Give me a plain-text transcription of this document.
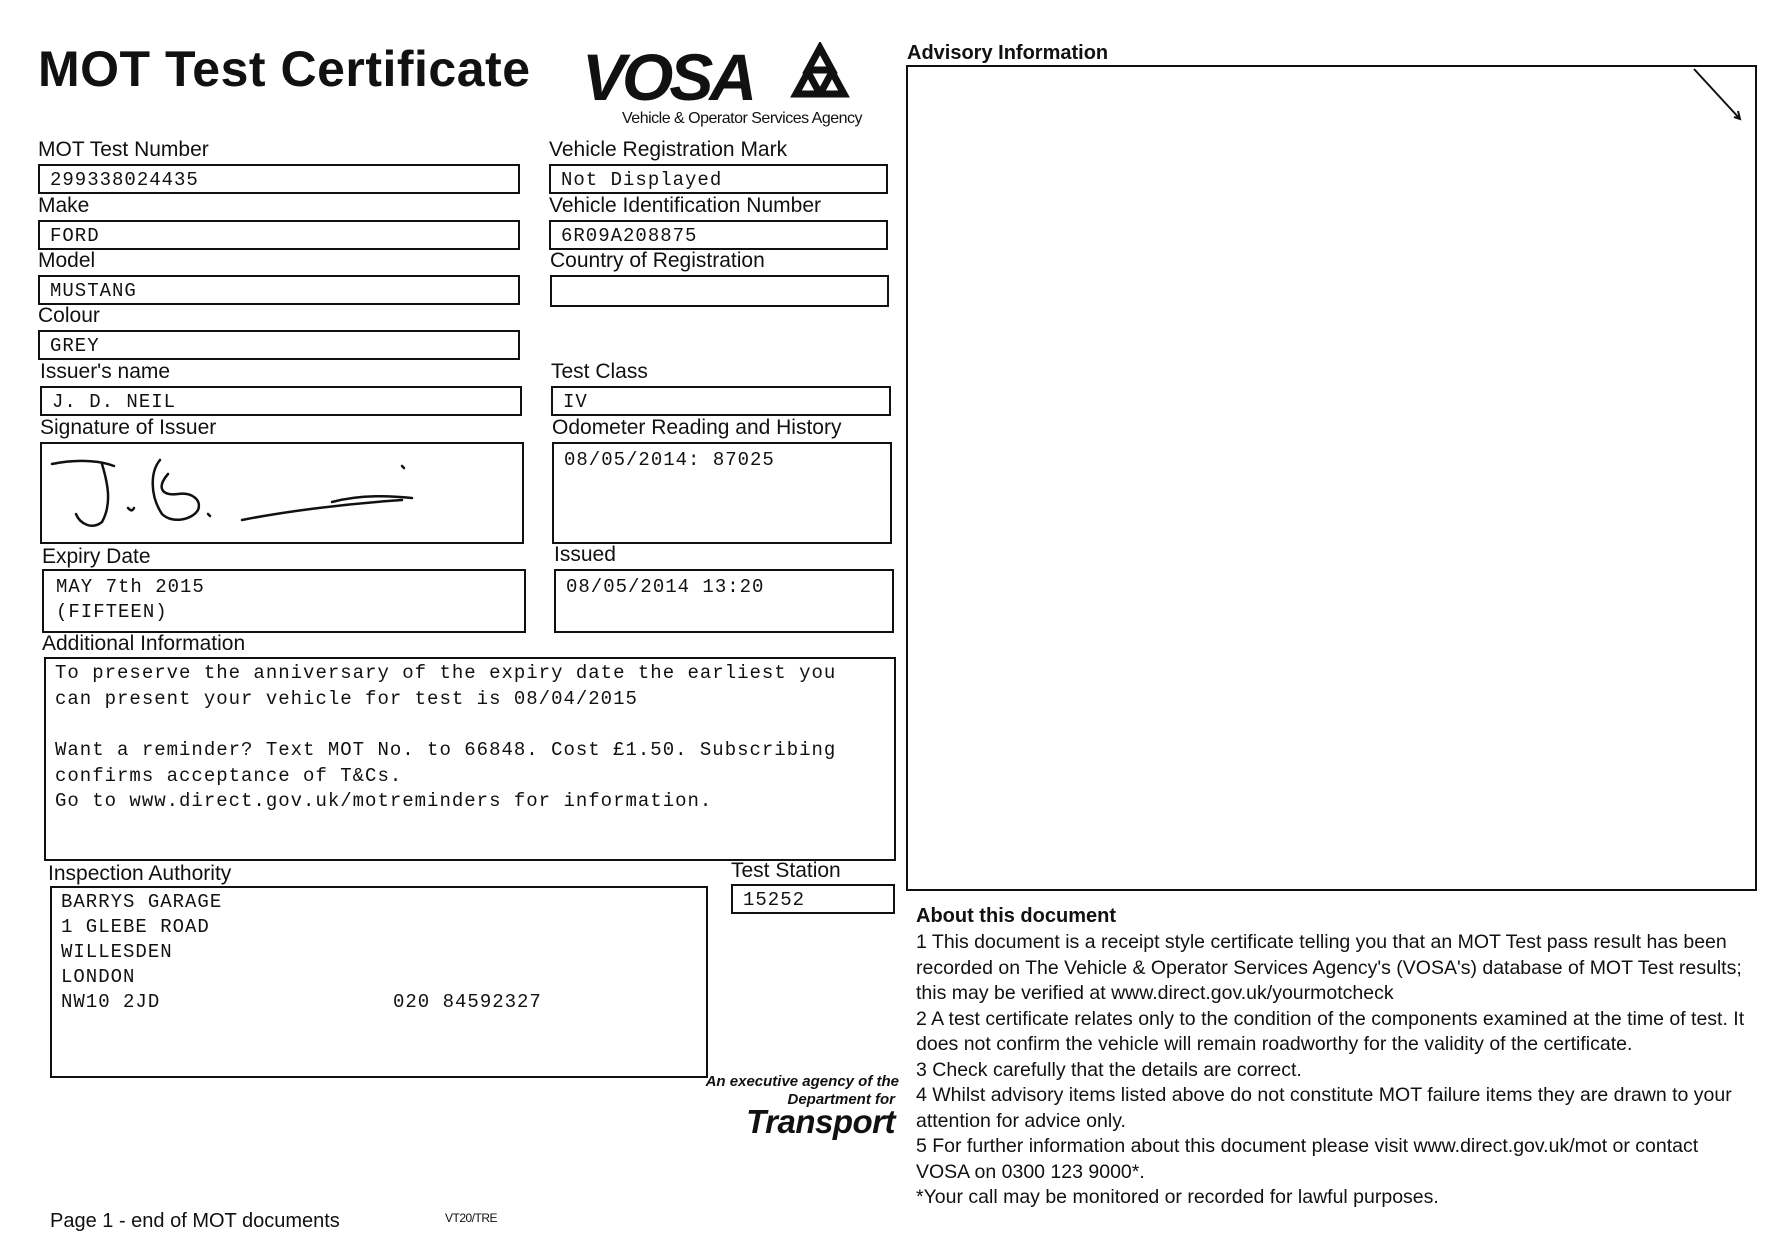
MOT Test Certificate VOSA
Vehicle & Operator Services Agency
MOT Test Number
299338024435
Make
FORD
Model
MUSTANG
Colour
GREY
Issuer's name
J. D. NEIL
Signature of Issuer
Expiry Date
MAY 7th 2015
(FIFTEEN)
Additional Information
To preserve the anniversary of the expiry date the earliest you
can present your vehicle for test is 08/04/2015
Want a reminder? Text MOT No. to 66848. Cost £1.50. Subscribing
confirms acceptance of T&Cs.
Go to www.direct.gov.uk/motreminders for information.
Inspection Authority
BARRYS GARAGE
1 GLEBE ROAD
WILLESDEN
LONDON
NW10 2JD	020 84592327
Vehicle Registration Mark
Not Displayed
Vehicle Identification Number
6R09A208875
Country of Registration
Test Class
IV
Odometer Reading and History
08/05/2014: 87025
Issued
08/05/2014 13:20
Test Station
15252
Advisory Information
About this document

1 This document is a receipt style certificate telling you that an MOT Test pass result has been recorded on The Vehicle & Operator Services Agency's (VOSA's) database of MOT Test results; this may be verified at www.direct.gov.uk/yourmotcheck

2 A test certificate relates only to the condition of the components examined at the time of test. It does not confirm the vehicle will remain roadworthy for the validity of the certificate.

3 Check carefully that the details are correct.

4 Whilst advisory items listed above do not constitute MOT failure items they are drawn to your attention for advice only.

5 For further information about this document please visit www.direct.gov.uk/mot or contact VOSA on 0300 123 9000*.

*Your call may be monitored or recorded for lawful purposes.

An executive agency of the
Department for
Transport
Page 1 - end of MOT documents	VT20/TRE
